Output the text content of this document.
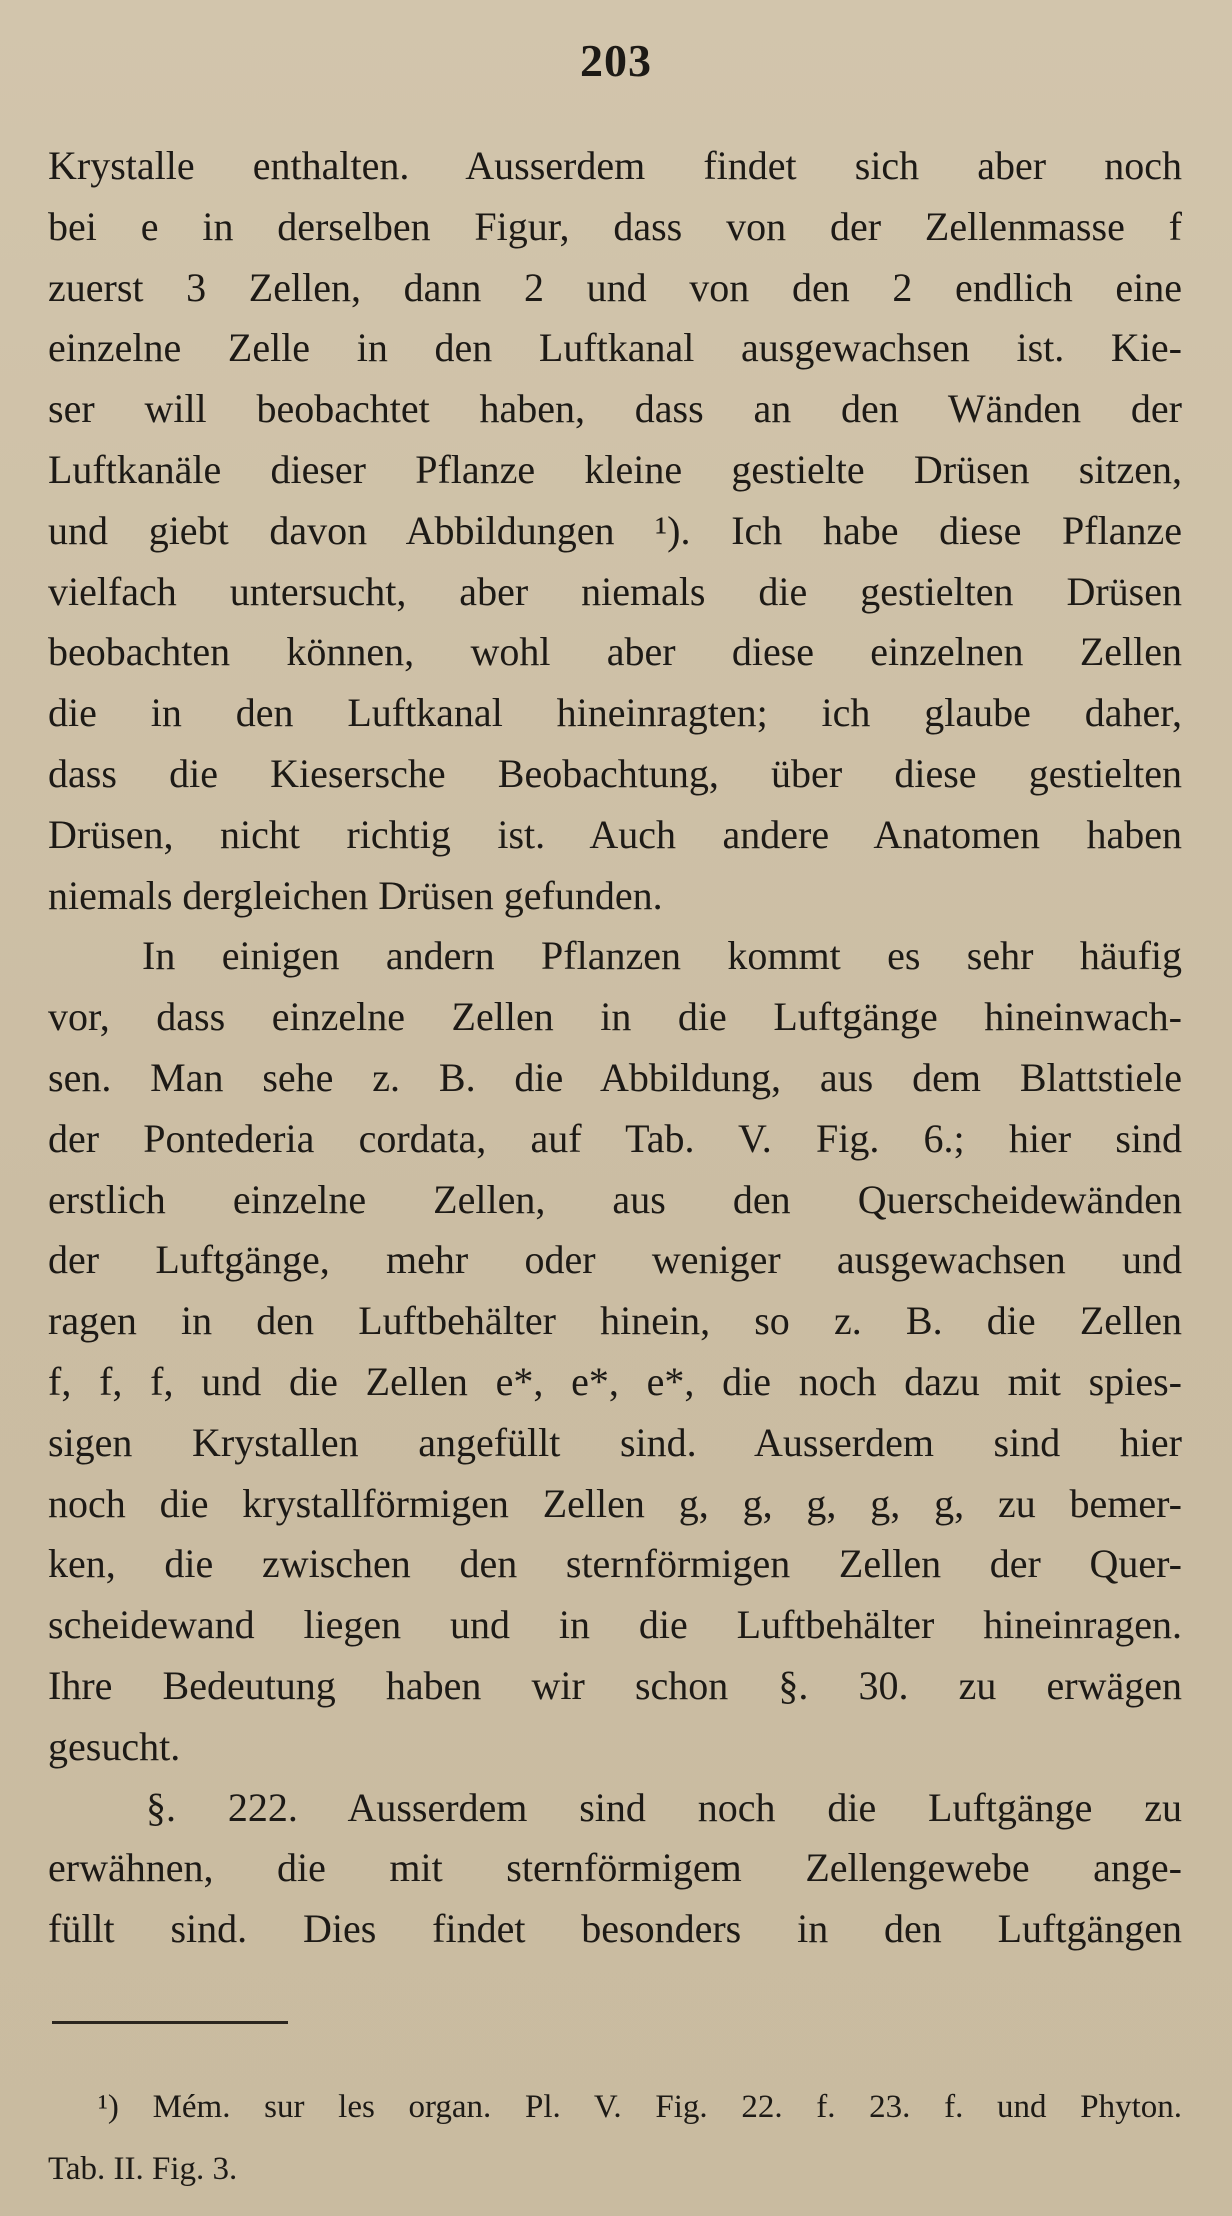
203
Krystalle enthalten. Ausserdem findet sich aber noch
bei e in derselben Figur, dass von der Zellenmasse f
zuerst 3 Zellen, dann 2 und von den 2 endlich eine
einzelne Zelle in den Luftkanal ausgewachsen ist. Kie-
ser will beobachtet haben, dass an den Wänden der
Luftkanäle dieser Pflanze kleine gestielte Drüsen sitzen,
und giebt davon Abbildungen ¹). Ich habe diese Pflanze
vielfach untersucht, aber niemals die gestielten Drüsen
beobachten können, wohl aber diese einzelnen Zellen
die in den Luftkanal hineinragten; ich glaube daher,
dass die Kiesersche Beobachtung, über diese gestielten
Drüsen, nicht richtig ist. Auch andere Anatomen haben
niemals dergleichen Drüsen gefunden.
In einigen andern Pflanzen kommt es sehr häufig
vor, dass einzelne Zellen in die Luftgänge hineinwach-
sen. Man sehe z. B. die Abbildung, aus dem Blattstiele
der Pontederia cordata, auf Tab. V. Fig. 6.; hier sind
erstlich einzelne Zellen, aus den Querscheidewänden
der Luftgänge, mehr oder weniger ausgewachsen und
ragen in den Luftbehälter hinein, so z. B. die Zellen
f, f, f, und die Zellen e*, e*, e*, die noch dazu mit spies-
sigen Krystallen angefüllt sind. Ausserdem sind hier
noch die krystallförmigen Zellen g, g, g, g, g, zu bemer-
ken, die zwischen den sternförmigen Zellen der Quer-
scheidewand liegen und in die Luftbehälter hineinragen.
Ihre Bedeutung haben wir schon §. 30. zu erwägen
gesucht.
§. 222. Ausserdem sind noch die Luftgänge zu
erwähnen, die mit sternförmigem Zellengewebe ange-
füllt sind. Dies findet besonders in den Luftgängen
¹) Mém. sur les organ. Pl. V. Fig. 22. f. 23. f. und Phyton.
Tab. II. Fig. 3.
